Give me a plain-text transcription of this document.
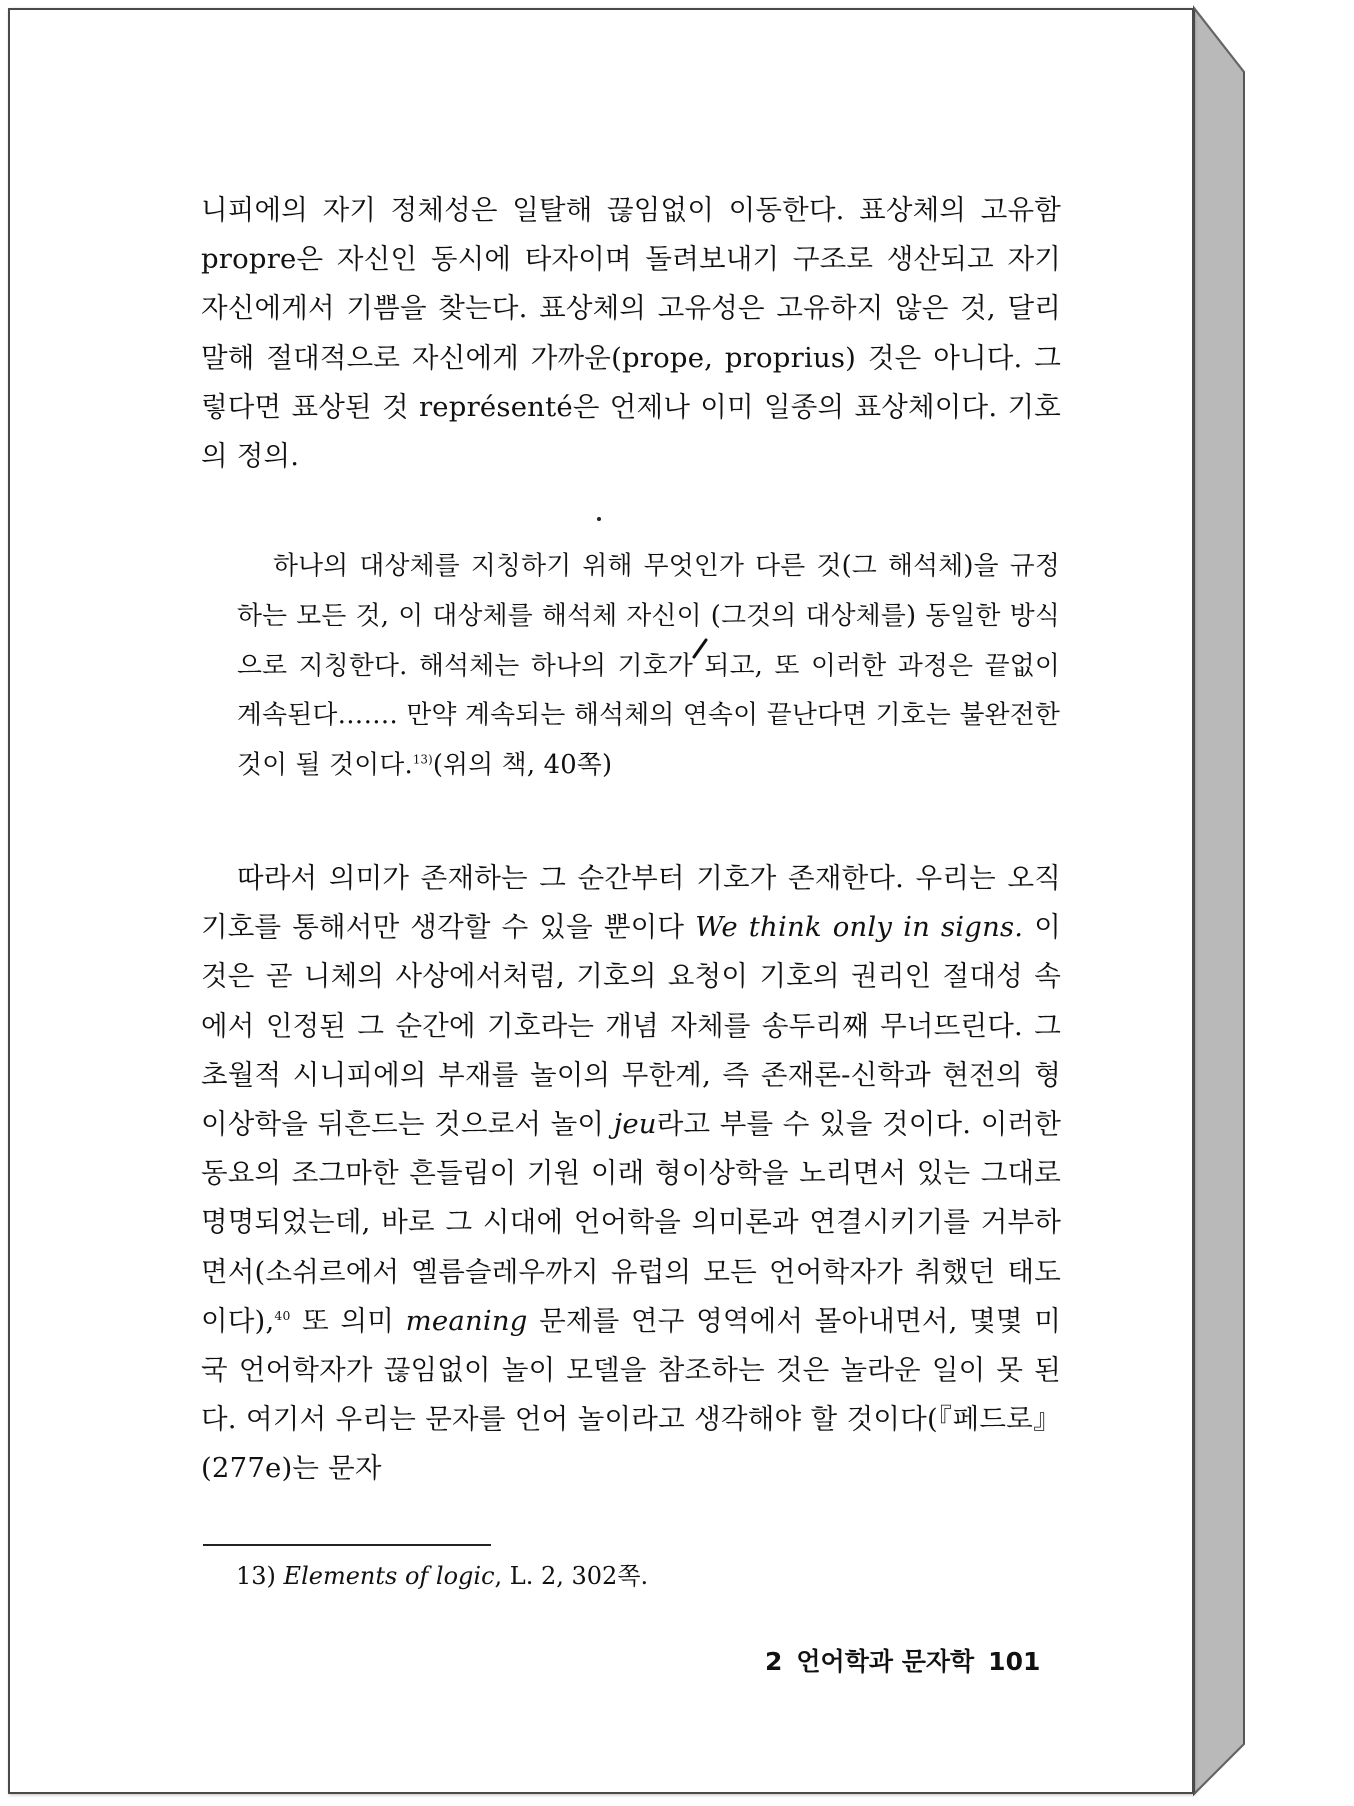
니피에의 자기 정체성은 일탈해 끊임없이 이동한다. 표상체의 고유함 propre은 자신인 동시에 타자이며 돌려보내기 구조로 생산되고 자기 자신에게서 기쁨을 찾는다. 표상체의 고유성은 고유하지 않은 것, 달리 말해 절대적으로 자신에게 가까운(prope, proprius) 것은 아니다. 그렇다면 표상된 것 représenté은 언제나 이미 일종의 표상체이다. 기호의 정의.

하나의 대상체를 지칭하기 위해 무엇인가 다른 것(그 해석체)을 규정하는 모든 것, 이 대상체를 해석체 자신이 (그것의 대상체를) 동일한 방식으로 지칭한다. 해석체는 하나의 기호가 되고, 또 이러한 과정은 끝없이 계속된다……. 만약 계속되는 해석체의 연속이 끝난다면 기호는 불완전한 것이 될 것이다.$^{13)}$(위의 책, 40쪽)

따라서 의미가 존재하는 그 순간부터 기호가 존재한다. 우리는 오직 기호를 통해서만 생각할 수 있을 뿐이다 We think only in signs. 이것은 곧 니체의 사상에서처럼, 기호의 요청이 기호의 권리인 절대성 속에서 인정된 그 순간에 기호라는 개념 자체를 송두리째 무너뜨린다. 그 초월적 시니피에의 부재를 놀이의 무한계, 즉 존재론-신학과 현전의 형이상학을 뒤흔드는 것으로서 놀이 jeu라고 부를 수 있을 것이다. 이러한 동요의 조그마한 흔들림이 기원 이래 형이상학을 노리면서 있는 그대로 명명되었는데, 바로 그 시대에 언어학을 의미론과 연결시키기를 거부하면서(소쉬르에서 옐름슬레우까지 유럽의 모든 언어학자가 취했던 태도이다),$^{40}$ 또 의미 meaning 문제를 연구 영역에서 몰아내면서, 몇몇 미국 언어학자가 끊임없이 놀이 모델을 참조하는 것은 놀라운 일이 못 된다. 여기서 우리는 문자를 언어 놀이라고 생각해야 할 것이다(『페드로』(277e)는 문자

13) Elements of logic, L. 2, 302쪽.
2 언어학과 문자학 101
